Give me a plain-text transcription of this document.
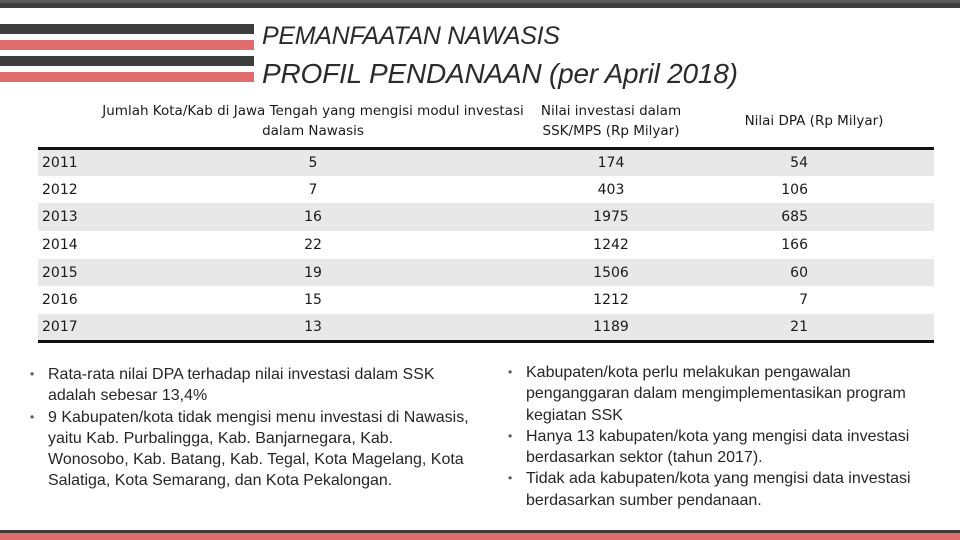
PEMANFAATAN NAWASIS
PROFIL PENDANAAN (per April 2018)
	Jumlah Kota/Kab di Jawa Tengah yang mengisi modul investasi dalam Nawasis	Nilai investasi dalam SSK/MPS (Rp Milyar)	Nilai DPA (Rp Milyar)
2011	5	174	54
2012	7	403	106
2013	16	1975	685
2014	22	1242	166
2015	19	1506	60
2016	15	1212	7
2017	13	1189	21
• Rata-rata nilai DPA terhadap nilai investasi dalam SSK adalah sebesar 13,4%
• 9 Kabupaten/kota tidak mengisi menu investasi di Nawasis, yaitu Kab. Purbalingga, Kab. Banjarnegara, Kab. Wonosobo, Kab. Batang, Kab. Tegal, Kota Magelang, Kota Salatiga, Kota Semarang, dan Kota Pekalongan.
• Kabupaten/kota perlu melakukan pengawalan penganggaran dalam mengimplementasikan program kegiatan SSK
• Hanya 13 kabupaten/kota yang mengisi data investasi berdasarkan sektor (tahun 2017).
• Tidak ada kabupaten/kota yang mengisi data investasi berdasarkan sumber pendanaan.
